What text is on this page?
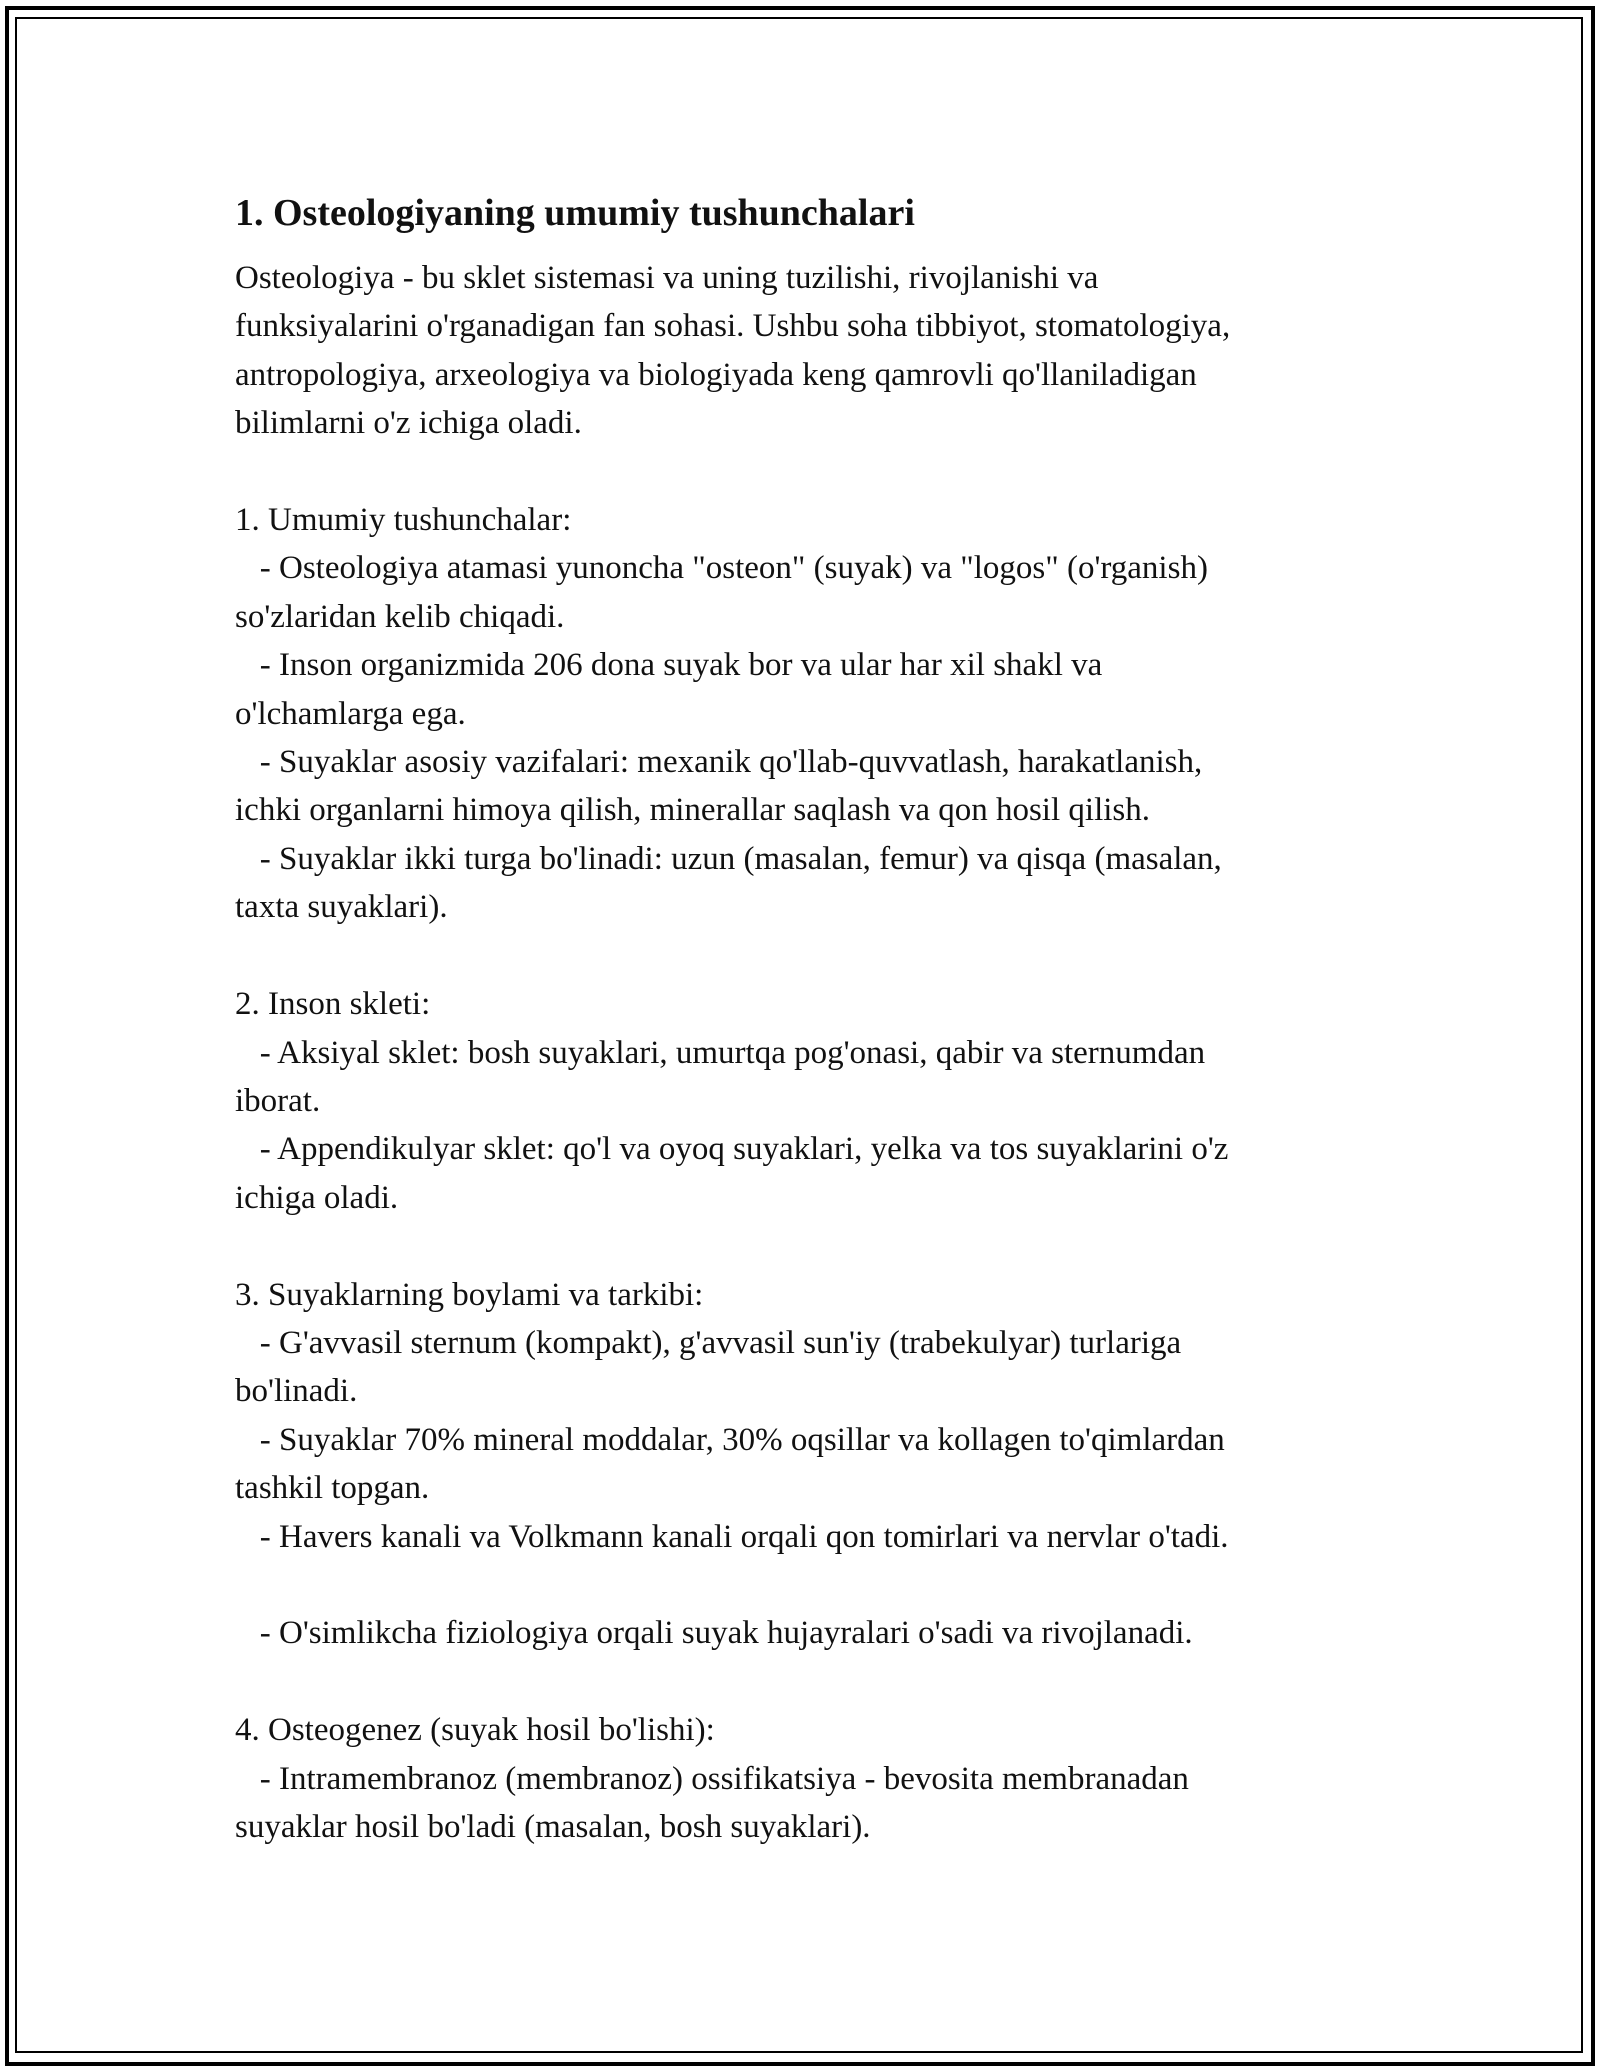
1. Osteologiyaning umumiy tushunchalari

Osteologiya - bu sklet sistemasi va uning tuzilishi, rivojlanishi va
funksiyalarini o'rganadigan fan sohasi. Ushbu soha tibbiyot, stomatologiya,
antropologiya, arxeologiya va biologiyada keng qamrovli qo'llaniladigan
bilimlarni o'z ichiga oladi.

1. Umumiy tushunchalar:
- Osteologiya atamasi yunoncha "osteon" (suyak) va "logos" (o'rganish)
so'zlaridan kelib chiqadi.
- Inson organizmida 206 dona suyak bor va ular har xil shakl va
o'lchamlarga ega.
- Suyaklar asosiy vazifalari: mexanik qo'llab-quvvatlash, harakatlanish,
ichki organlarni himoya qilish, minerallar saqlash va qon hosil qilish.
- Suyaklar ikki turga bo'linadi: uzun (masalan, femur) va qisqa (masalan,
taxta suyaklari).

2. Inson skleti:
- Aksiyal sklet: bosh suyaklari, umurtqa pog'onasi, qabir va sternumdan
iborat.
- Appendikulyar sklet: qo'l va oyoq suyaklari, yelka va tos suyaklarini o'z
ichiga oladi.

3. Suyaklarning boylami va tarkibi:
- G'avvasil sternum (kompakt), g'avvasil sun'iy (trabekulyar) turlariga
bo'linadi.
- Suyaklar 70% mineral moddalar, 30% oqsillar va kollagen to'qimlardan
tashkil topgan.
- Havers kanali va Volkmann kanali orqali qon tomirlari va nervlar o'tadi.

- O'simlikcha fiziologiya orqali suyak hujayralari o'sadi va rivojlanadi.

4. Osteogenez (suyak hosil bo'lishi):
- Intramembranoz (membranoz) ossifikatsiya - bevosita membranadan
suyaklar hosil bo'ladi (masalan, bosh suyaklari).
